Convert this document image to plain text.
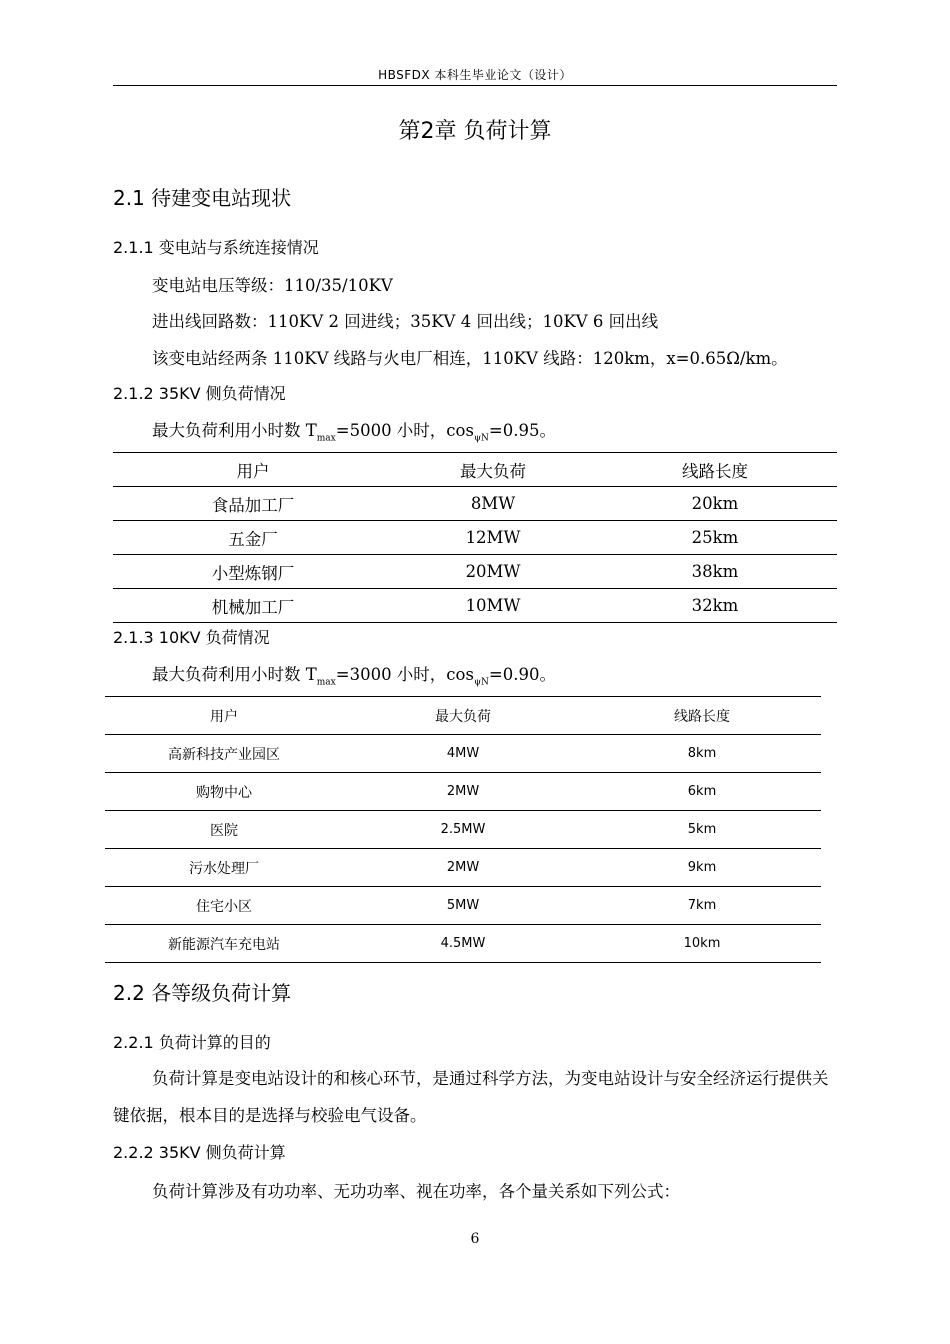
HBSFDX 本科生毕业论文（设计）
第2章 负荷计算
2.1 待建变电站现状
2.1.1 变电站与系统连接情况
变电站电压等级：110/35/10KV
进出线回路数：110KV 2 回进线；35KV 4 回出线；10KV 6 回出线
该变电站经两条 110KV 线路与火电厂相连，110KV 线路：120km，x=0.65Ω/km。
2.1.2 35KV 侧负荷情况
最大负荷利用小时数 $T_{max}=5000$ 小时，$\cos_{\psi N}=0.95$。
用户	最大负荷	线路长度
食品加工厂	8MW	20km
五金厂	12MW	25km
小型炼钢厂	20MW	38km
机械加工厂	10MW	32km
2.1.3 10KV 负荷情况
最大负荷利用小时数 $T_{max}=3000$ 小时，$\cos_{\psi N}=0.90$。
用户	最大负荷	线路长度
高新科技产业园区	4MW	8km
购物中心	2MW	6km
医院	2.5MW	5km
污水处理厂	2MW	9km
住宅小区	5MW	7km
新能源汽车充电站	4.5MW	10km
2.2 各等级负荷计算
2.2.1 负荷计算的目的
负荷计算是变电站设计的和核心环节，是通过科学方法，为变电站设计与安全经济运行提供关键依据，根本目的是选择与校验电气设备。
2.2.2 35KV 侧负荷计算
负荷计算涉及有功功率、无功功率、视在功率，各个量关系如下列公式：
6
